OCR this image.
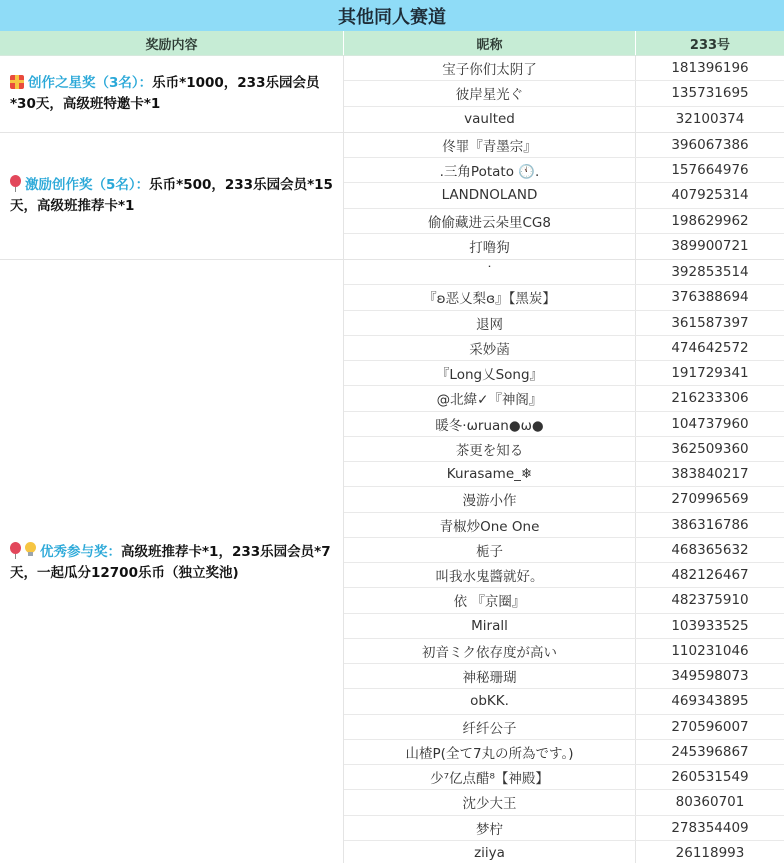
其他同人赛道
奖励内容	昵称	233号
创作之星奖（3名）：乐币*1000，233乐园会员*30天，高级班特邀卡*1
宝子你们太阴了	181396196
彼岸星光ぐ	135731695
vaulted	32100374
激励创作奖（5名）：乐币*500，233乐园会员*15天，高级班推荐卡*1
佟罪『青墨宗』	396067386
.三角Potato 🕚.	157664976
LANDNOLAND	407925314
偷偷藏进云朵里CG8	198629962
打噜狗	389900721
优秀参与奖：高级班推荐卡*1，233乐园会员*7天，一起瓜分12700乐币（独立奖池)
˙	392853514
『ʚ恶乂梨ɞ』【黑炭】	376388694
退网	361587397
采妙菡	474642572
『Long乂Song』	191729341
@北緯✓『神阁』	216233306
暖冬·ωruan●ω●	104737960
茶更を知る	362509360
Kurasame_❄	383840217
漫游小作	270996569
青椒炒One One	386316786
栀子	468365632
叫我水鬼醬就好。	482126467
依 『京圈』	482375910
Mirall	103933525
初音ミク依存度が高い	110231046
神秘珊瑚	349598073
obKK.	469343895
纤纤公子	270596007
山楂P(全て7丸の所為です。)	245396867
少⁷亿点醋⁸【神殿】	260531549
沈少大王	80360701
梦柠	278354409
ziiya	26118993
